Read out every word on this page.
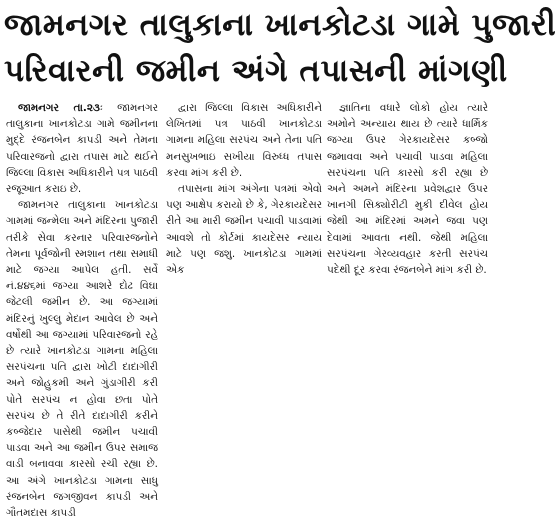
જામનગર તાલુકાના ખાનકોટડા ગામે પુજારી
પરિવારની જમીન અંગે તપાસની માંગણી

જામનગર તા.૨૩ઃ જામનગર તાલુકાના ખાનકોટડા ગામે જમીનના મુદ્દે રંજનબેન કાપડી અને તેમના પરિવારજનો દ્વારા તપાસ માટે થઈને જિલ્લા વિકાસ અધિકારીને પત્ર પાઠવી રજૂઆત કરાઇ છે.

જામનગર તાલુકાના ખાનકોટડા ગામમાં જન્મેલા અને મંદિરના પુજારી તરીકે સેવા કરનાર પરિવારજનોને તેમના પૂર્વજોની સ્મશાન તથા સમાધી માટે જગ્યા આપેલ હતી. સર્વે નં.૪૪૬માં જગ્યા આશરે દોઢ વિઘા જેટલી જમીન છે. આ જગ્યામાં મંદિરનું ખુલ્લુ મેદાન આવેલ છે અને વર્ષોથી આ જગ્યામાં પરિવારજનો રહે છે ત્યારે ખાનકોટડા ગામના મહિલા સરપંચના પતિ દ્વારા ખોટી દાદાગીરી અને જોહુકમી અને ગુંડાગીરી કરી પોતે સરપંચ ન હોવા છતા પોતે સરપંચ છે તે રીતે દાદાગીરી કરીને કબ્જેદાર પાસેથી જમીન પચાવી પાડવા અને આ જમીન ઉપર સમાજ વાડી બનાવવા કારસો રચી રહ્યા છે. આ અંગે ખાનકોટડા ગામના સાધુ રંજનબેન જગજીવન કાપડી અને ગૌતમદાસ કાપડી

દ્વારા જિલ્લા વિકાસ અધિકારીને લેખિતમાં પત્ર પાઠવી ખાનકોટડા ગામના મહિલા સરપંચ અને તેના પતિ મનસુખભાઇ સખીયા વિરુધ્ધ તપાસ કરવા માંગ કરી છે.

તપાસના માંગ અંગેના પત્રમાં એવો પણ આક્ષેપ કરાયો છે કે, ગેરકાયદેસર રીતે આ મારી જમીન પચાવી પાડવામાં આવશે તો કોર્ટમાં કાયદેસર ન્યાય માટે પણ જશુ. ખાનકોટડા ગામમાં એક

જ્ઞાતિના વધારે લોકો હોય ત્યારે અમોને અન્યાય થાય છે ત્યારે ધાર્મિક જગ્યા ઉપર ગેરકાયદેસર કબ્જો જમાવવા અને પચાવી પાડવા મહિલા સરપંચના પતિ કારસો કરી રહ્યા છે અને અમને મંદિરના પ્રવેશદ્વાર ઉપર ખાનગી સિક્યોરીટી મુકી દીવેલ હોય જેથી આ મંદિરમાં અમને જવા પણ દેવામાં આવતા નથી. જેથી મહિલા સરપંચના ગેરવ્યવહાર કરતી સરપંચ પદેથી દૂર કરવા રંજનબેને માંગ કરી છે.
